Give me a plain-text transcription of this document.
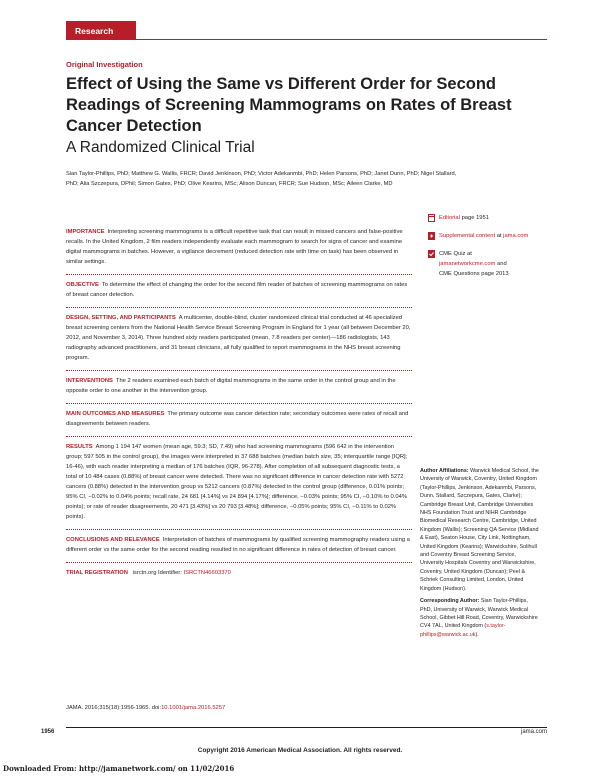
Research
Original Investigation
Effect of Using the Same vs Different Order for Second Readings of Screening Mammograms on Rates of Breast Cancer Detection
A Randomized Clinical Trial
Sian Taylor-Phillips, PhD; Matthew G. Wallis, FRCR; David Jenkinson, PhD; Victor Adekanmbi, PhD; Helen Parsons, PhD; Janet Dunn, PhD; Nigel Stallard, PhD; Alia Szczepura, DPhil; Simon Gates, PhD; Olive Kearins, MSc; Alison Duncan, FRCR; Sue Hudson, MSc; Aileen Clarke, MD
IMPORTANCE Interpreting screening mammograms is a difficult repetitive task that can result in missed cancers and false-positive recalls. In the United Kingdom, 2 film readers independently evaluate each mammogram to search for signs of cancer and examine digital mammograms in batches. However, a vigilance decrement (reduced detection rate with time on task) has been observed in similar settings.
OBJECTIVE To determine the effect of changing the order for the second film reader of batches of screening mammograms on rates of breast cancer detection.
DESIGN, SETTING, AND PARTICIPANTS A multicenter, double-blind, cluster randomized clinical trial conducted at 46 specialized breast screening centers from the National Health Service Breast Screening Program in England for 1 year (all between December 20, 2012, and November 3, 2014). Three hundred sixty readers participated (mean, 7.8 readers per center)—186 radiologists, 143 radiography advanced practitioners, and 31 breast clinicians, all fully qualified to report mammograms in the NHS breast screening program.
INTERVENTIONS The 2 readers examined each batch of digital mammograms in the same order in the control group and in the opposite order to one another in the intervention group.
MAIN OUTCOMES AND MEASURES The primary outcome was cancer detection rate; secondary outcomes were rates of recall and disagreements between readers.
RESULTS Among 1 194 147 women (mean age, 59.3; SD, 7.49) who had screening mammograms (596 642 in the intervention group; 597 505 in the control group), the images were interpreted in 37 688 batches (median batch size, 35; interquartile range [IQR]; 16-46), with each reader interpreting a median of 176 batches (IQR, 96-278). After completion of all subsequent diagnostic tests, a total of 10 484 cases (0.88%) of breast cancer were detected. There was no significant difference in cancer detection rate with 5272 cancers (0.88%) detected in the intervention group vs 5212 cancers (0.87%) detected in the control group (difference, 0.01% points; 95% CI, −0.02% to 0.04% points; recall rate, 24 681 [4.14%] vs 24 894 [4.17%]; difference, −0.03% points; 95% CI, −0.10% to 0.04% points); or rate of reader disagreements, 20 471 [3.43%] vs 20 793 [3.48%]; difference, −0.05% points; 95% CI, −0.11% to 0.02% points).
CONCLUSIONS AND RELEVANCE Interpretation of batches of mammograms by qualified screening mammography readers using a different order vs the same order for the second reading resulted in no significant difference in rates of detection of breast cancer.
TRIAL REGISTRATION isrctn.org Identifier: ISRCTN46603370
Editorial page 1951
Supplemental content at jama.com
CME Quiz at
jamanetworkcme.com and
CME Questions page 2013
Author Affiliations: Warwick Medical School, the University of Warwick, Coventry, United Kingdom (Taylor-Phillips, Jenkinson, Adekanmbi, Parsons, Dunn, Stallard, Szczepura, Gates, Clarke); Cambridge Breast Unit, Cambridge Universities NHS Foundation Trust and NIHR Cambridge Biomedical Research Centre, Cambridge, United Kingdom (Wallis); Screening QA Service (Midland & East), Seaton House, City Link, Nottingham, United Kingdom (Kearins); Warwickshire, Solihull and Coventry Breast Screening Service, University Hospitals Coventry and Warwickshire, Coventry, United Kingdom (Duncan); Peel & Schriek Consulting Limited, London, United Kingdom (Hudson).
Corresponding Author: Sian Taylor-Phillips, PhD, University of Warwick, Warwick Medical School, Gibbet Hill Road, Coventry, Warwickshire CV4 7AL, United Kingdom (s.taylor-phillips@warwick.ac.uk).
JAMA. 2016;315(18):1956-1965. doi:10.1001/jama.2016.5257
1956	jama.com
Copyright 2016 American Medical Association. All rights reserved.
Downloaded From: http://jamanetwork.com/ on 11/02/2016
